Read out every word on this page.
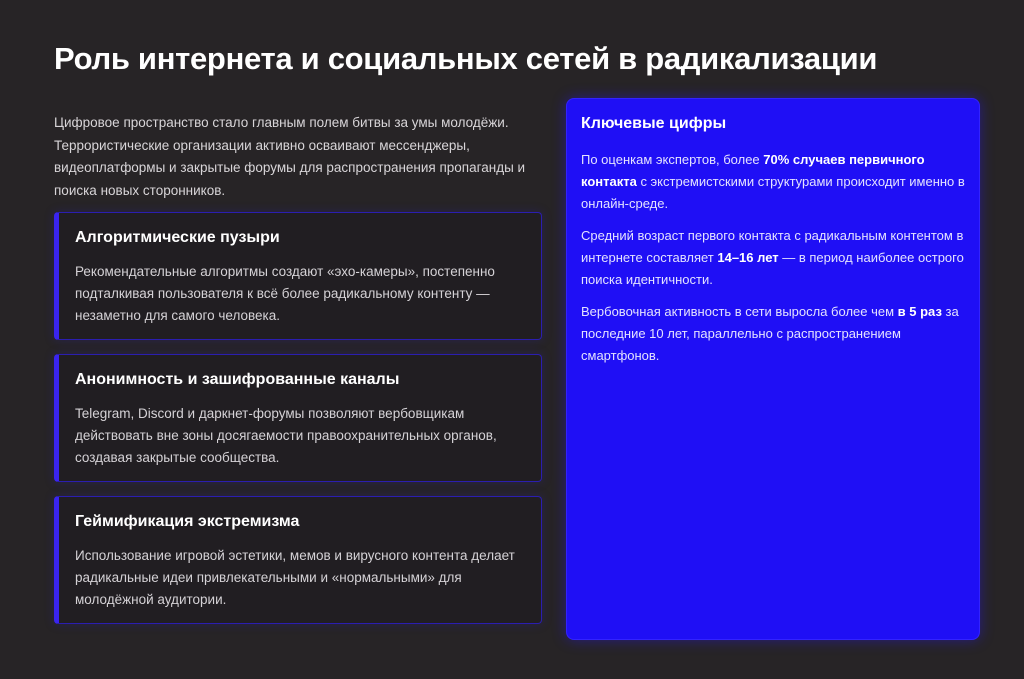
Роль интернета и социальных сетей в радикализации

Цифровое пространство стало главным полем битвы за умы молодёжи. Террористические организации активно осваивают мессенджеры, видеоплатформы и закрытые форумы для распространения пропаганды и поиска новых сторонников.

Алгоритмические пузыри

Рекомендательные алгоритмы создают «эхо-камеры», постепенно подталкивая пользователя к всё более радикальному контенту — незаметно для самого человека.

Анонимность и зашифрованные каналы

Telegram, Discord и даркнет-форумы позволяют вербовщикам действовать вне зоны досягаемости правоохранительных органов, создавая закрытые сообщества.

Геймификация экстремизма

Использование игровой эстетики, мемов и вирусного контента делает радикальные идеи привлекательными и «нормальными» для молодёжной аудитории.

Ключевые цифры

По оценкам экспертов, более 70% случаев первичного контакта с экстремистскими структурами происходит именно в онлайн-среде.

Средний возраст первого контакта с радикальным контентом в интернете составляет 14–16 лет — в период наиболее острого поиска идентичности.

Вербовочная активность в сети выросла более чем в 5 раз за последние 10 лет, параллельно с распространением смартфонов.
